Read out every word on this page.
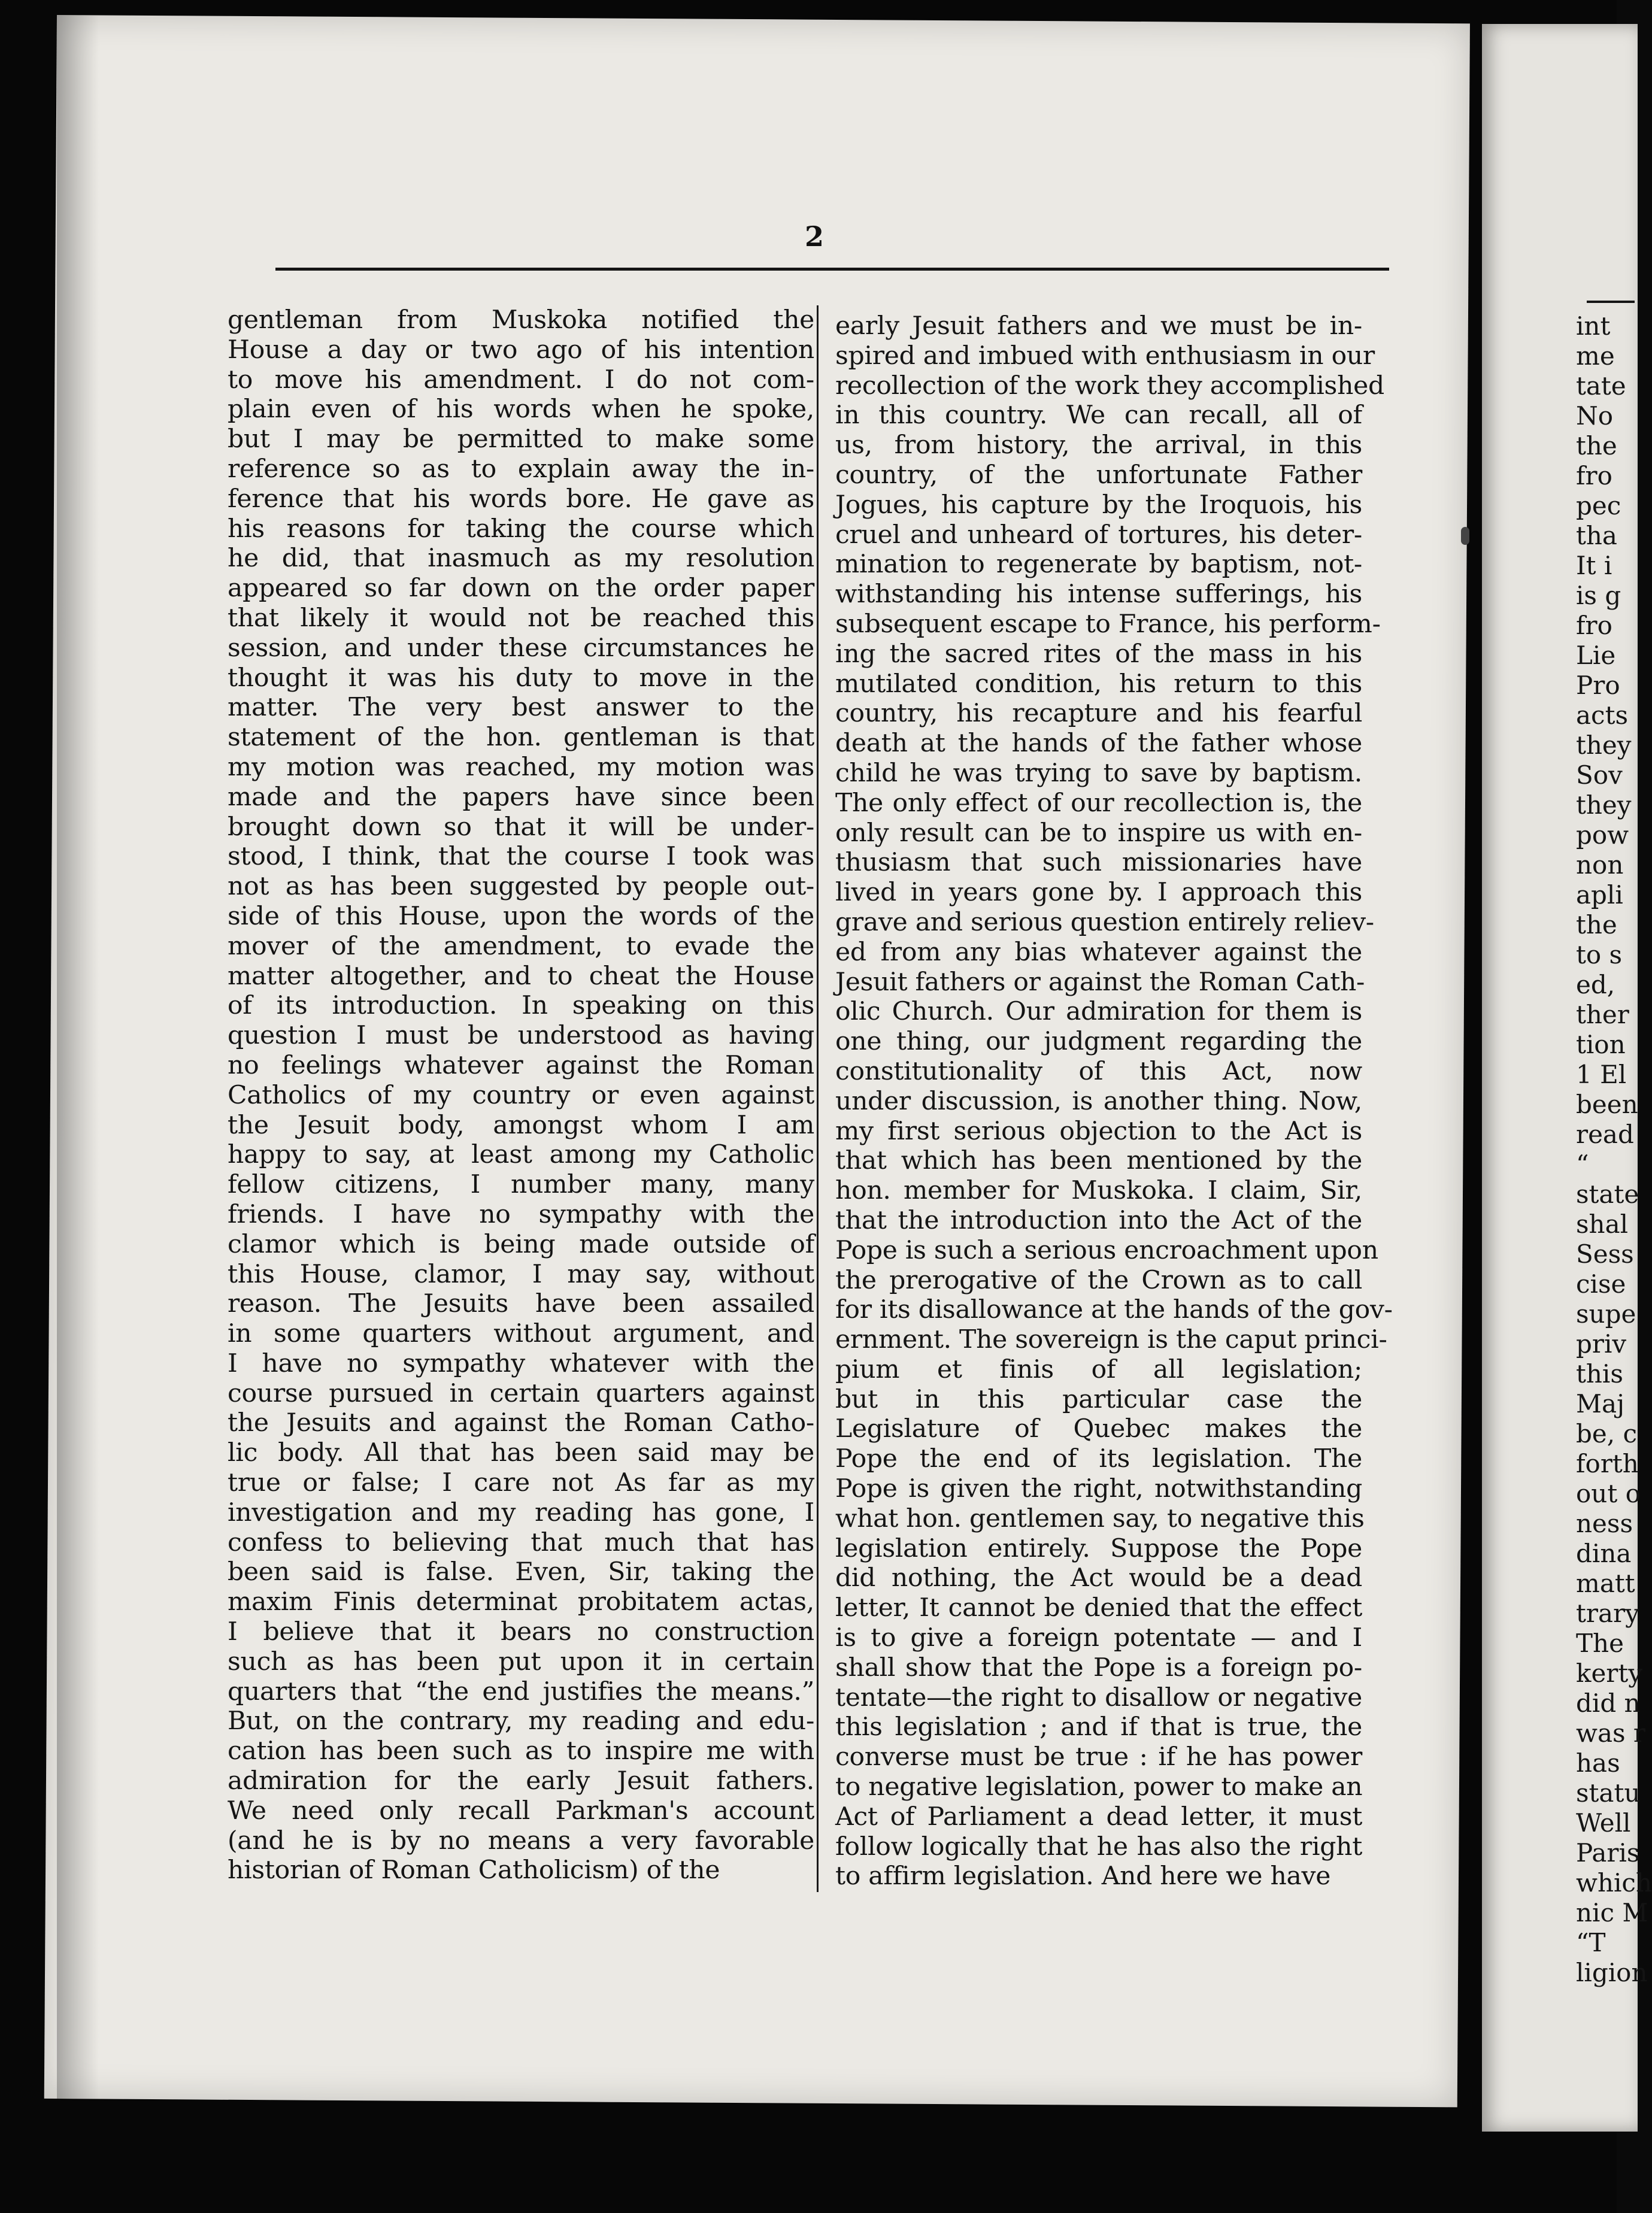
2
gentleman from Muskoka notified the
House a day or two ago of his intention
to move his amendment. I do not com-
plain even of his words when he spoke,
but I may be permitted to make some
reference so as to explain away the in-
ference that his words bore. He gave as
his reasons for taking the course which
he did, that inasmuch as my resolution
appeared so far down on the order paper
that likely it would not be reached this
session, and under these circumstances he
thought it was his duty to move in the
matter. The very best answer to the
statement of the hon. gentleman is that
my motion was reached, my motion was
made and the papers have since been
brought down so that it will be under-
stood, I think, that the course I took was
not as has been suggested by people out-
side of this House, upon the words of the
mover of the amendment, to evade the
matter altogether, and to cheat the House
of its introduction. In speaking on this
question I must be understood as having
no feelings whatever against the Roman
Catholics of my country or even against
the Jesuit body, amongst whom I am
happy to say, at least among my Catholic
fellow citizens, I number many, many
friends. I have no sympathy with the
clamor which is being made outside of
this House, clamor, I may say, without
reason. The Jesuits have been assailed
in some quarters without argument, and
I have no sympathy whatever with the
course pursued in certain quarters against
the Jesuits and against the Roman Catho-
lic body. All that has been said may be
true or false; I care not As far as my
investigation and my reading has gone, I
confess to believing that much that has
been said is false. Even, Sir, taking the
maxim Finis determinat probitatem actas,
I believe that it bears no construction
such as has been put upon it in certain
quarters that “the end justifies the means.”
But, on the contrary, my reading and edu-
cation has been such as to inspire me with
admiration for the early Jesuit fathers.
We need only recall Parkman's account
(and he is by no means a very favorable
historian of Roman Catholicism) of the
early Jesuit fathers and we must be in-
spired and imbued with enthusiasm in our
recollection of the work they accomplished
in this country. We can recall, all of
us, from history, the arrival, in this
country, of the unfortunate Father
Jogues, his capture by the Iroquois, his
cruel and unheard of tortures, his deter-
mination to regenerate by baptism, not-
withstanding his intense sufferings, his
subsequent escape to France, his perform-
ing the sacred rites of the mass in his
mutilated condition, his return to this
country, his recapture and his fearful
death at the hands of the father whose
child he was trying to save by baptism.
The only effect of our recollection is, the
only result can be to inspire us with en-
thusiasm that such missionaries have
lived in years gone by. I approach this
grave and serious question entirely reliev-
ed from any bias whatever against the
Jesuit fathers or against the Roman Cath-
olic Church. Our admiration for them is
one thing, our judgment regarding the
constitutionality of this Act, now
under discussion, is another thing. Now,
my first serious objection to the Act is
that which has been mentioned by the
hon. member for Muskoka. I claim, Sir,
that the introduction into the Act of the
Pope is such a serious encroachment upon
the prerogative of the Crown as to call
for its disallowance at the hands of the gov-
ernment. The sovereign is the caput princi-
pium et finis of all legislation;
but in this particular case the
Legislature of Quebec makes the
Pope the end of its legislation. The
Pope is given the right, notwithstanding
what hon. gentlemen say, to negative this
legislation entirely. Suppose the Pope
did nothing, the Act would be a dead
letter, It cannot be denied that the effect
is to give a foreign potentate — and I
shall show that the Pope is a foreign po-
tentate—the right to disallow or negative
this legislation ; and if that is true, the
converse must be true : if he has power
to negative legislation, power to make an
Act of Parliament a dead letter, it must
follow logically that he has also the right
to affirm legislation. And here we have
int
me
tate
No
the
fro
pec
tha
It i
is g
fro
Lie
Pro
acts
they
Sov
they
pow
non
apli
the
to s
ed,
ther
tion
1 El
been
read
“
state
shal
Sess
cise
supe
priv
this
Maj
be, c
forth
out o
ness
dina
matt
trary
The
kerty
did n
was r
has
statu
Well
Paris
which
nic M
“T
ligion
